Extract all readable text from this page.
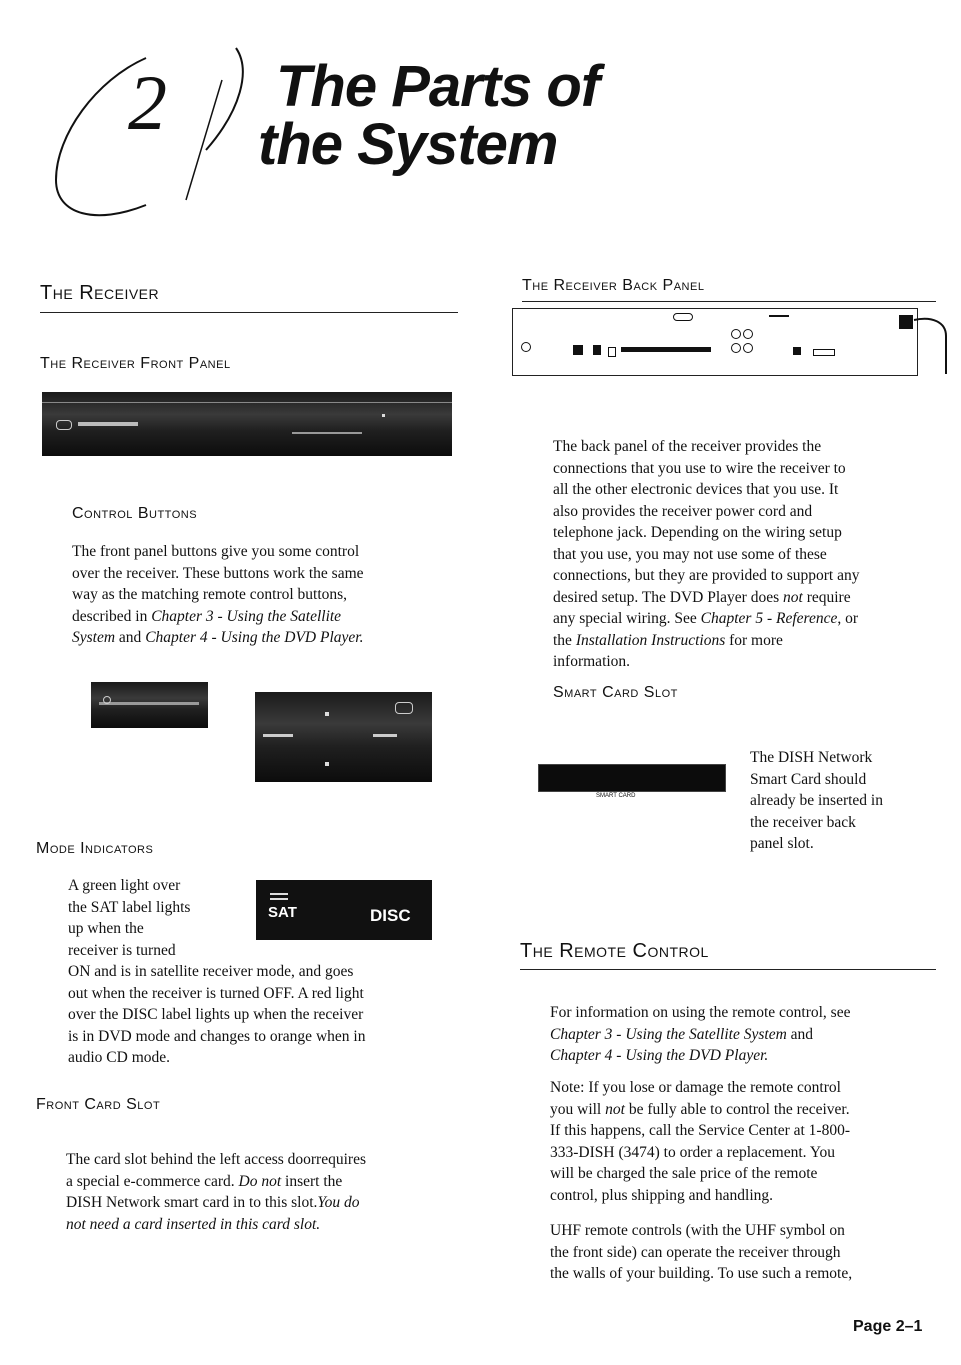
2 The Parts of
the System
The Receiver
The Receiver Front Panel
Control Buttons
The front panel buttons give you some control
over the receiver. These buttons work the same
way as the matching remote control buttons,
described in Chapter 3 - Using the Satellite
System and Chapter 4 - Using the DVD Player.
Mode Indicators
SAT	DISC
A green light over
the SAT label lights
up when the
receiver is turned
ON and is in satellite receiver mode, and goes
out when the receiver is turned OFF. A red light
over the DISC label lights up when the receiver
is in DVD mode and changes to orange when in
audio CD mode.
Front Card Slot
The card slot behind the left access doorrequires
a special e-commerce card. Do not insert the
DISH Network smart card in to this slot.You do
not need a card inserted in this card slot.
The Receiver Back Panel
The back panel of the receiver provides the
connections that you use to wire the receiver to
all the other electronic devices that you use. It
also provides the receiver power cord and
telephone jack. Depending on the wiring setup
that you use, you may not use some of these
connections, but they are provided to support any
desired setup. The DVD Player does not require
any special wiring. See Chapter 5 - Reference, or
the Installation Instructions for more
information.
Smart Card Slot
SMART CARD
The DISH Network
Smart Card should
already be inserted in
the receiver back
panel slot.
The Remote Control
For information on using the remote control, see
Chapter 3 - Using the Satellite System and
Chapter 4 - Using the DVD Player.
Note: If you lose or damage the remote control
you will not be fully able to control the receiver.
If this happens, call the Service Center at 1-800-
333-DISH (3474) to order a replacement. You
will be charged the sale price of the remote
control, plus shipping and handling.
UHF remote controls (with the UHF symbol on
the front side) can operate the receiver through
the walls of your building. To use such a remote,
Page 2–1
